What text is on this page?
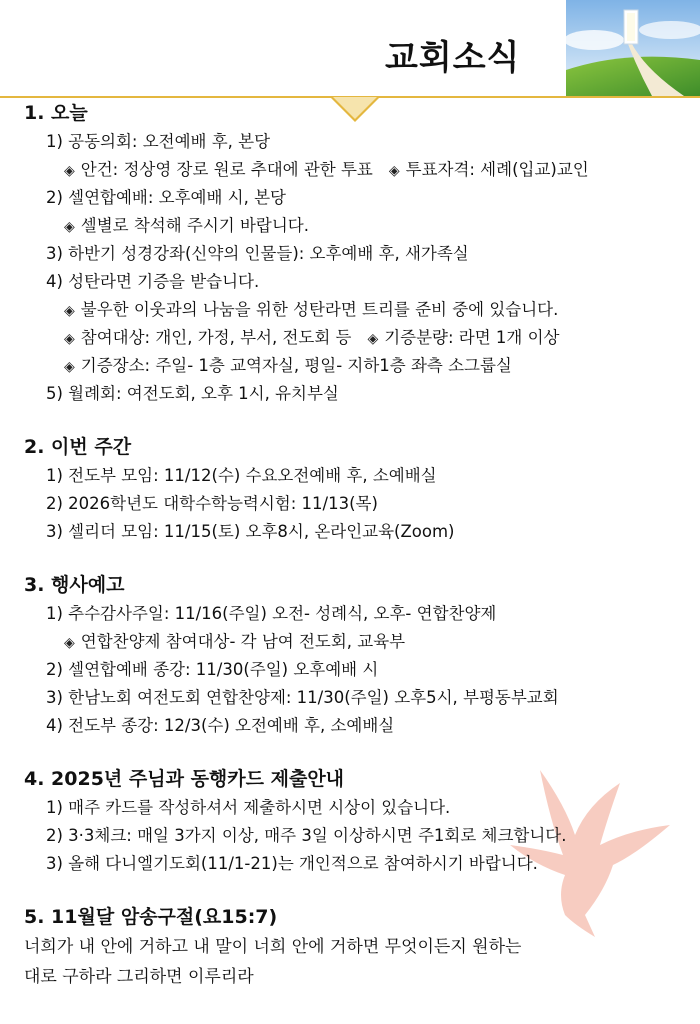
교회소식
1. 오늘
1) 공동의회: 오전예배 후, 본당
◈ 안건: 정상영 장로 원로 추대에 관한 투표 ◈ 투표자격: 세례(입교)교인
2) 셀연합예배: 오후예배 시, 본당
◈ 셀별로 착석해 주시기 바랍니다.
3) 하반기 성경강좌(신약의 인물들): 오후예배 후, 새가족실
4) 성탄라면 기증을 받습니다.
◈ 불우한 이웃과의 나눔을 위한 성탄라면 트리를 준비 중에 있습니다.
◈ 참여대상: 개인, 가정, 부서, 전도회 등 ◈ 기증분량: 라면 1개 이상
◈ 기증장소: 주일- 1층 교역자실, 평일- 지하1층 좌측 소그룹실
5) 월례회: 여전도회, 오후 1시, 유치부실
2. 이번 주간
1) 전도부 모임: 11/12(수) 수요오전예배 후, 소예배실
2) 2026학년도 대학수학능력시험: 11/13(목)
3) 셀리더 모임: 11/15(토) 오후8시, 온라인교육(Zoom)
3. 행사예고
1) 추수감사주일: 11/16(주일) 오전- 성례식, 오후- 연합찬양제
◈ 연합찬양제 참여대상- 각 남여 전도회, 교육부
2) 셀연합예배 종강: 11/30(주일) 오후예배 시
3) 한남노회 여전도회 연합찬양제: 11/30(주일) 오후5시, 부평동부교회
4) 전도부 종강: 12/3(수) 오전예배 후, 소예배실
4. 2025년 주님과 동행카드 제출안내
1) 매주 카드를 작성하셔서 제출하시면 시상이 있습니다.
2) 3·3체크: 매일 3가지 이상, 매주 3일 이상하시면 주1회로 체크합니다.
3) 올해 다니엘기도회(11/1-21)는 개인적으로 참여하시기 바랍니다.
5. 11월달 암송구절(요15:7)
너희가 내 안에 거하고 내 말이 너희 안에 거하면 무엇이든지 원하는
대로 구하라 그리하면 이루리라
